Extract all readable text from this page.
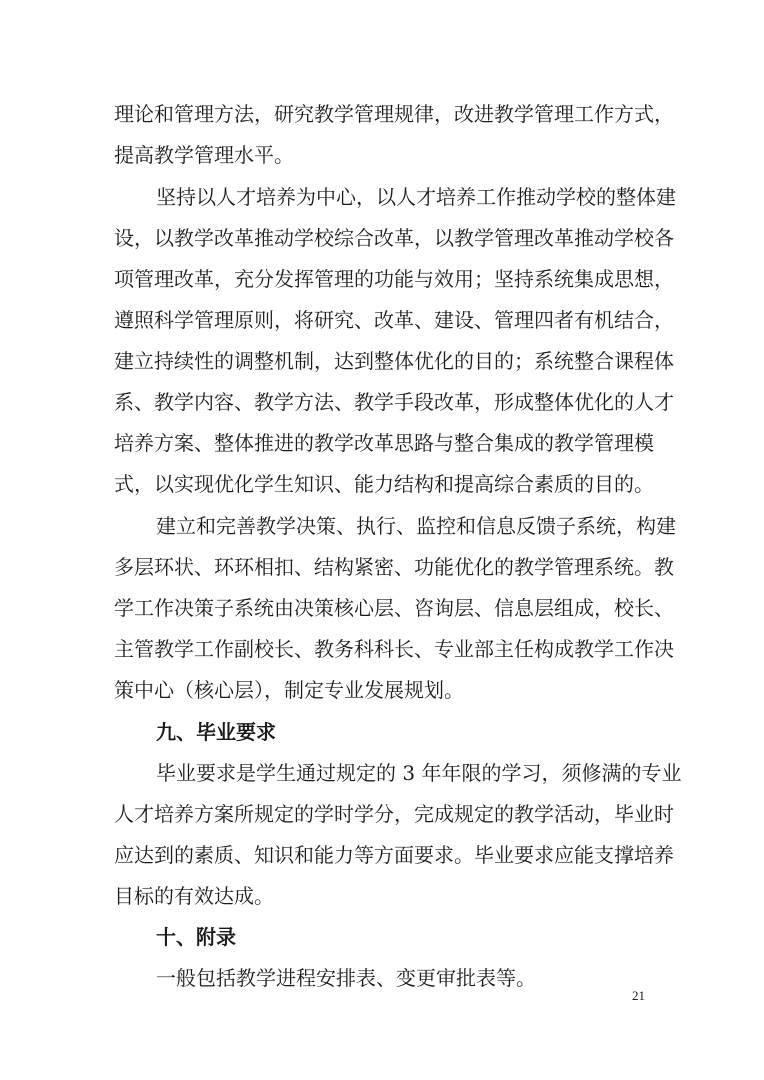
理论和管理方法，研究教学管理规律，改进教学管理工作方式，
提高教学管理水平。
坚持以人才培养为中心，以人才培养工作推动学校的整体建
设，以教学改革推动学校综合改革，以教学管理改革推动学校各
项管理改革，充分发挥管理的功能与效用；坚持系统集成思想，
遵照科学管理原则，将研究、改革、建设、管理四者有机结合，
建立持续性的调整机制，达到整体优化的目的；系统整合课程体
系、教学内容、教学方法、教学手段改革，形成整体优化的人才
培养方案、整体推进的教学改革思路与整合集成的教学管理模
式，以实现优化学生知识、能力结构和提高综合素质的目的。
建立和完善教学决策、执行、监控和信息反馈子系统，构建
多层环状、环环相扣、结构紧密、功能优化的教学管理系统。教
学工作决策子系统由决策核心层、咨询层、信息层组成，校长、
主管教学工作副校长、教务科科长、专业部主任构成教学工作决
策中心（核心层），制定专业发展规划。
九、毕业要求
毕业要求是学生通过规定的 3 年年限的学习，须修满的专业
人才培养方案所规定的学时学分，完成规定的教学活动，毕业时
应达到的素质、知识和能力等方面要求。毕业要求应能支撑培养
目标的有效达成。
十、附录
一般包括教学进程安排表、变更审批表等。
21
